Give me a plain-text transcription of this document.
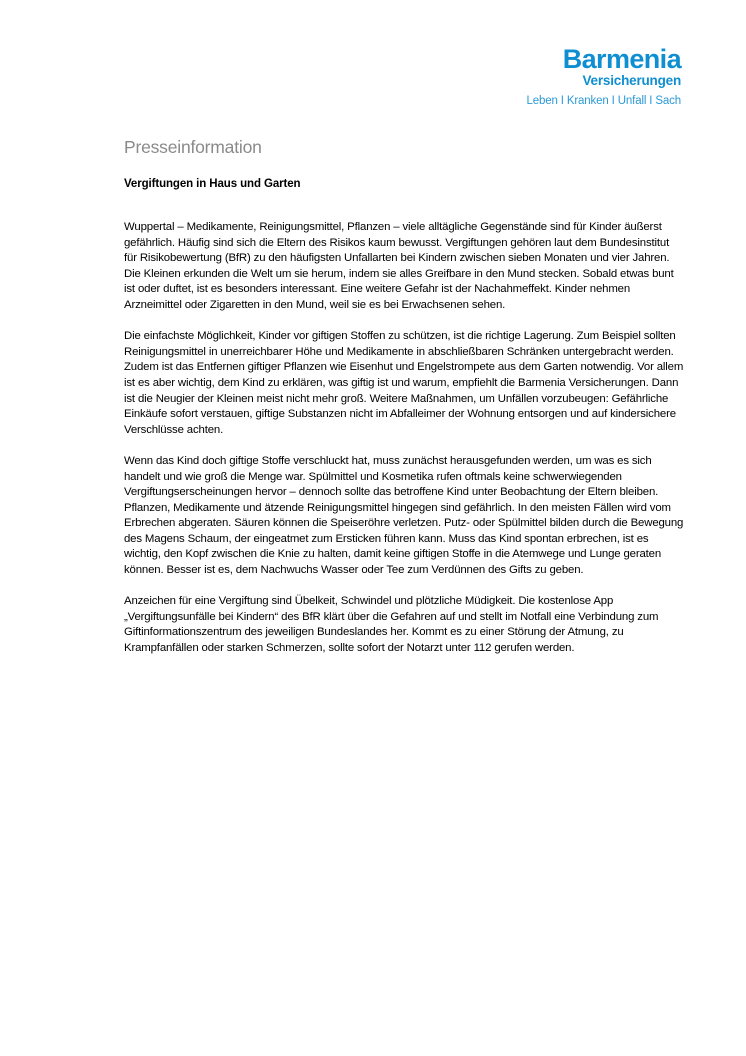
Barmenia
Versicherungen
Leben I Kranken I Unfall I Sach
Presseinformation
Vergiftungen in Haus und Garten

Wuppertal – Medikamente, Reinigungsmittel, Pflanzen – viele alltägliche Gegenstände sind für Kinder äußerst gefährlich. Häufig sind sich die Eltern des Risikos kaum bewusst. Vergiftungen gehören laut dem Bundesinstitut für Risikobewertung (BfR) zu den häufigsten Unfallarten bei Kindern zwischen sieben Monaten und vier Jahren. Die Kleinen erkunden die Welt um sie herum, indem sie alles Greifbare in den Mund stecken. Sobald etwas bunt ist oder duftet, ist es besonders interessant. Eine weitere Gefahr ist der Nachahmeffekt. Kinder nehmen Arzneimittel oder Zigaretten in den Mund, weil sie es bei Erwachsenen sehen.

Die einfachste Möglichkeit, Kinder vor giftigen Stoffen zu schützen, ist die richtige Lagerung. Zum Beispiel sollten Reinigungsmittel in unerreichbarer Höhe und Medikamente in abschließbaren Schränken untergebracht werden. Zudem ist das Entfernen giftiger Pflanzen wie Eisenhut und Engelstrompete aus dem Garten notwendig. Vor allem ist es aber wichtig, dem Kind zu erklären, was giftig ist und warum, empfiehlt die Barmenia Versicherungen. Dann ist die Neugier der Kleinen meist nicht mehr groß. Weitere Maßnahmen, um Unfällen vorzubeugen: Gefährliche Einkäufe sofort verstauen, giftige Substanzen nicht im Abfalleimer der Wohnung entsorgen und auf kindersichere Verschlüsse achten.

Wenn das Kind doch giftige Stoffe verschluckt hat, muss zunächst herausgefunden werden, um was es sich handelt und wie groß die Menge war. Spülmittel und Kosmetika rufen oftmals keine schwerwiegenden Vergiftungserscheinungen hervor – dennoch sollte das betroffene Kind unter Beobachtung der Eltern bleiben. Pflanzen, Medikamente und ätzende Reinigungsmittel hingegen sind gefährlich. In den meisten Fällen wird vom Erbrechen abgeraten. Säuren können die Speiseröhre verletzen. Putz- oder Spülmittel bilden durch die Bewegung des Magens Schaum, der eingeatmet zum Ersticken führen kann. Muss das Kind spontan erbrechen, ist es wichtig, den Kopf zwischen die Knie zu halten, damit keine giftigen Stoffe in die Atemwege und Lunge geraten können. Besser ist es, dem Nachwuchs Wasser oder Tee zum Verdünnen des Gifts zu geben.

Anzeichen für eine Vergiftung sind Übelkeit, Schwindel und plötzliche Müdigkeit. Die kostenlose App „Vergiftungsunfälle bei Kindern“ des BfR klärt über die Gefahren auf und stellt im Notfall eine Verbindung zum Giftinformationszentrum des jeweiligen Bundeslandes her. Kommt es zu einer Störung der Atmung, zu Krampfanfällen oder starken Schmerzen, sollte sofort der Notarzt unter 112 gerufen werden.
